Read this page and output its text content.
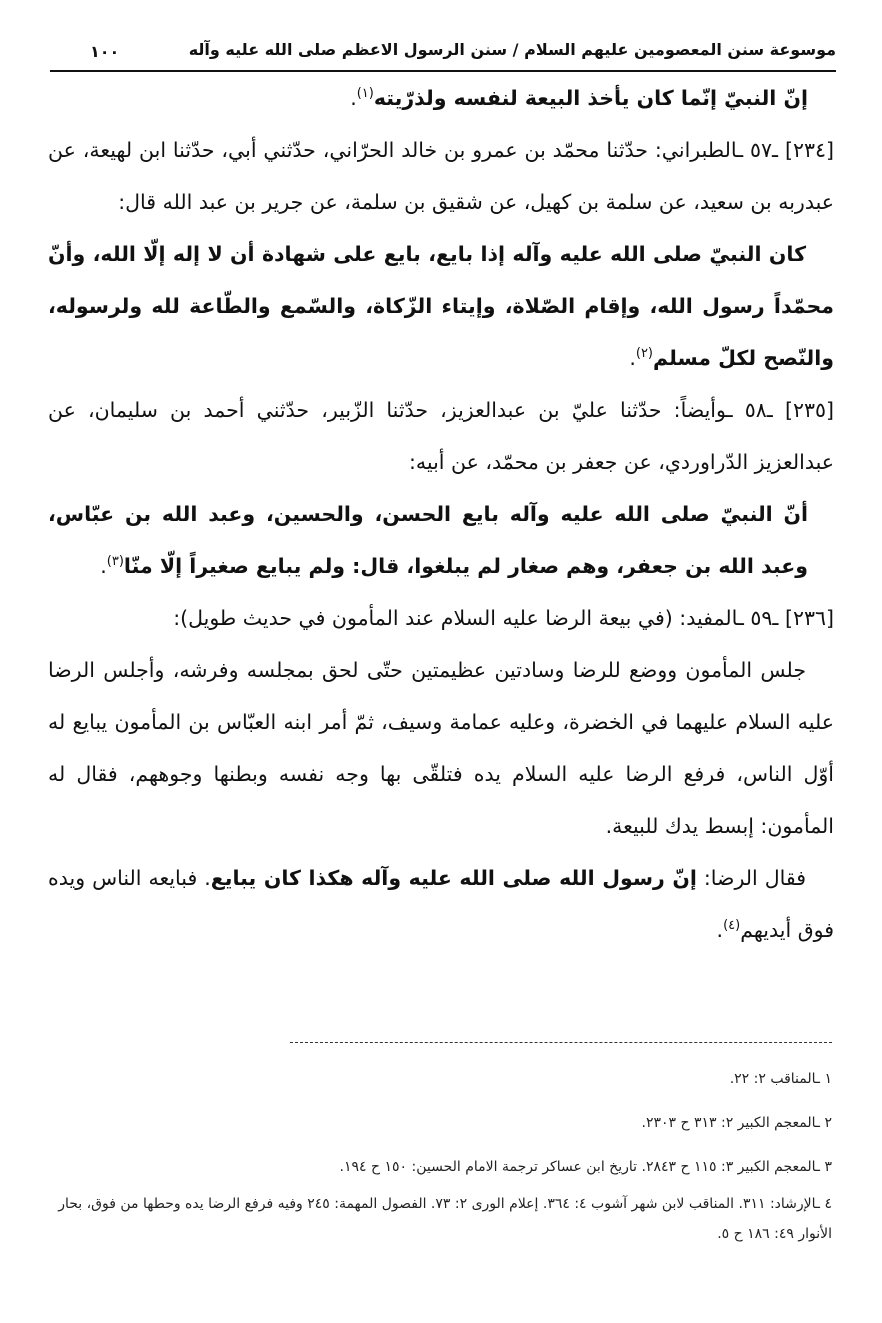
موسوعة سنن المعصومين عليهم السلام / سنن الرسول الاعظم صلى الله عليه وآله
١٠٠

إنّ النبيّ إنّما كان يأخذ البيعة لنفسه ولذرّيته$^{(١)}$.

[٢٣٤] ـ٥٧ ـالطبراني: حدّثنا محمّد بن عمرو بن خالد الحرّاني، حدّثني أبي، حدّثنا ابن لهيعة، عن عبدربه بن سعيد، عن سلمة بن كهيل، عن شقيق بن سلمة، عن جرير بن عبد الله قال:

كان النبيّ صلى الله عليه وآله إذا بايع، بايع على شهادة أن لا إله إلّا الله، وأنّ محمّداً رسول الله، وإقام الصّلاة، وإيتاء الزّكاة، والسّمع والطّاعة لله ولرسوله، والنّصح لكلّ مسلم$^{(٢)}$.

[٢٣٥] ـ٥٨ ـوأيضاً: حدّثنا عليّ بن عبدالعزيز، حدّثنا الزّبير، حدّثني أحمد بن سليمان، عن عبدالعزيز الدّراوردي، عن جعفر بن محمّد، عن أبيه:

أنّ النبيّ صلى الله عليه وآله بايع الحسن، والحسين، وعبد الله بن عبّاس، وعبد الله بن جعفر، وهم صغار لم يبلغوا، قال: ولم يبايع صغيراً إلّا منّا$^{(٣)}$.

[٢٣٦] ـ٥٩ ـالمفيد: (في بيعة الرضا عليه السلام عند المأمون في حديث طويل):

جلس المأمون ووضع للرضا وسادتين عظيمتين حتّى لحق بمجلسه وفرشه، وأجلس الرضا عليه السلام عليهما في الخضرة، وعليه عمامة وسيف، ثمّ أمر ابنه العبّاس بن المأمون يبايع له أوّل الناس، فرفع الرضا عليه السلام يده فتلقّى بها وجه نفسه وبطنها وجوههم، فقال له المأمون: إبسط يدك للبيعة.

فقال الرضا: إنّ رسول الله صلى الله عليه وآله هكذا كان يبايع. فبايعه الناس ويده فوق أيديهم$^{(٤)}$.

١ ـالمناقب ٢: ٢٢.

٢ ـالمعجم الكبير ٢: ٣١٣ ح ٢٣٠٣.

٣ ـالمعجم الكبير ٣: ١١٥ ح ٢٨٤٣. تاريخ ابن عساكر ترجمة الامام الحسين: ١٥٠ ح ١٩٤.

٤ ـالإرشاد: ٣١١. المناقب لابن شهر آشوب ٤: ٣٦٤. إعلام الورى ٢: ٧٣. الفصول المهمة: ٢٤٥ وفيه فرفع الرضا يده وحطها من فوق، بحار الأنوار ٤٩: ١٨٦ ح ٥.
